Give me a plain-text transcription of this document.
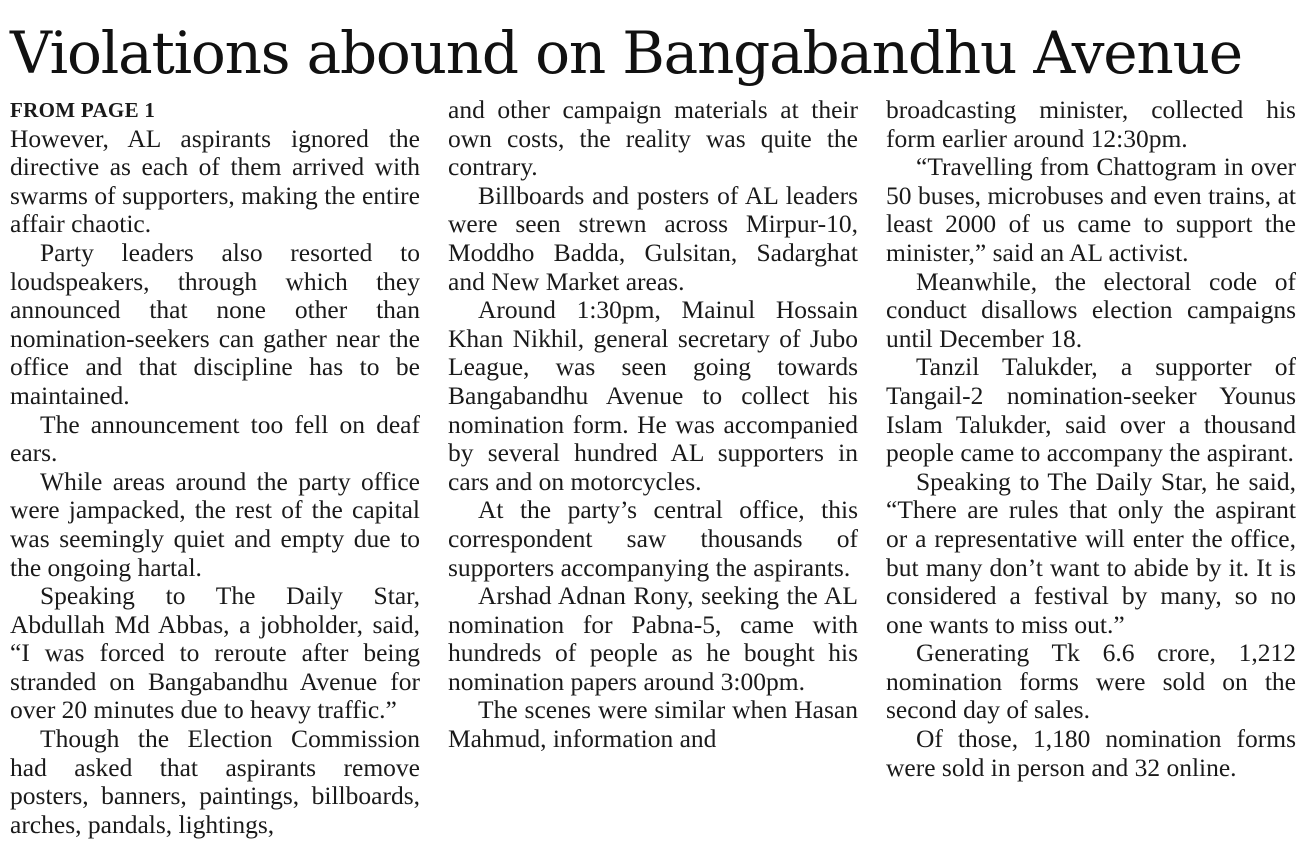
Violations abound on Bangabandhu Avenue
FROM PAGE 1

However, AL aspirants ignored the directive as each of them arrived with swarms of supporters, making the entire affair chaotic.

Party leaders also resorted to loudspeakers, through which they announced that none other than nomination-seekers can gather near the office and that discipline has to be maintained.

The announcement too fell on deaf ears.

While areas around the party office were jampacked, the rest of the capital was seemingly quiet and empty due to the ongoing hartal.

Speaking to The Daily Star, Abdullah Md Abbas, a jobholder, said, “I was forced to reroute after being stranded on Bangabandhu Avenue for over 20 minutes due to heavy traffic.”

Though the Election Commission had asked that aspirants remove posters, banners, paintings, billboards, arches, pandals, lightings,

and other campaign materials at their own costs, the reality was quite the contrary.

Billboards and posters of AL leaders were seen strewn across Mirpur-10, Moddho Badda, Gulsitan, Sadarghat and New Market areas.

Around 1:30pm, Mainul Hossain Khan Nikhil, general secretary of Jubo League, was seen going towards Bangabandhu Avenue to collect his nomination form. He was accompanied by several hundred AL supporters in cars and on motorcycles.

At the party’s central office, this correspondent saw thousands of supporters accompanying the aspirants.

Arshad Adnan Rony, seeking the AL nomination for Pabna-5, came with hundreds of people as he bought his nomination papers around 3:00pm.

The scenes were similar when Hasan Mahmud, information and

broadcasting minister, collected his form earlier around 12:30pm.

“Travelling from Chattogram in over 50 buses, microbuses and even trains, at least 2000 of us came to support the minister,” said an AL activist.

Meanwhile, the electoral code of conduct disallows election campaigns until December 18.

Tanzil Talukder, a supporter of Tangail-2 nomination-seeker Younus Islam Talukder, said over a thousand people came to accompany the aspirant.

Speaking to The Daily Star, he said, “There are rules that only the aspirant or a representative will enter the office, but many don’t want to abide by it. It is considered a festival by many, so no one wants to miss out.”

Generating Tk 6.6 crore, 1,212 nomination forms were sold on the second day of sales.

Of those, 1,180 nomination forms were sold in person and 32 online.
